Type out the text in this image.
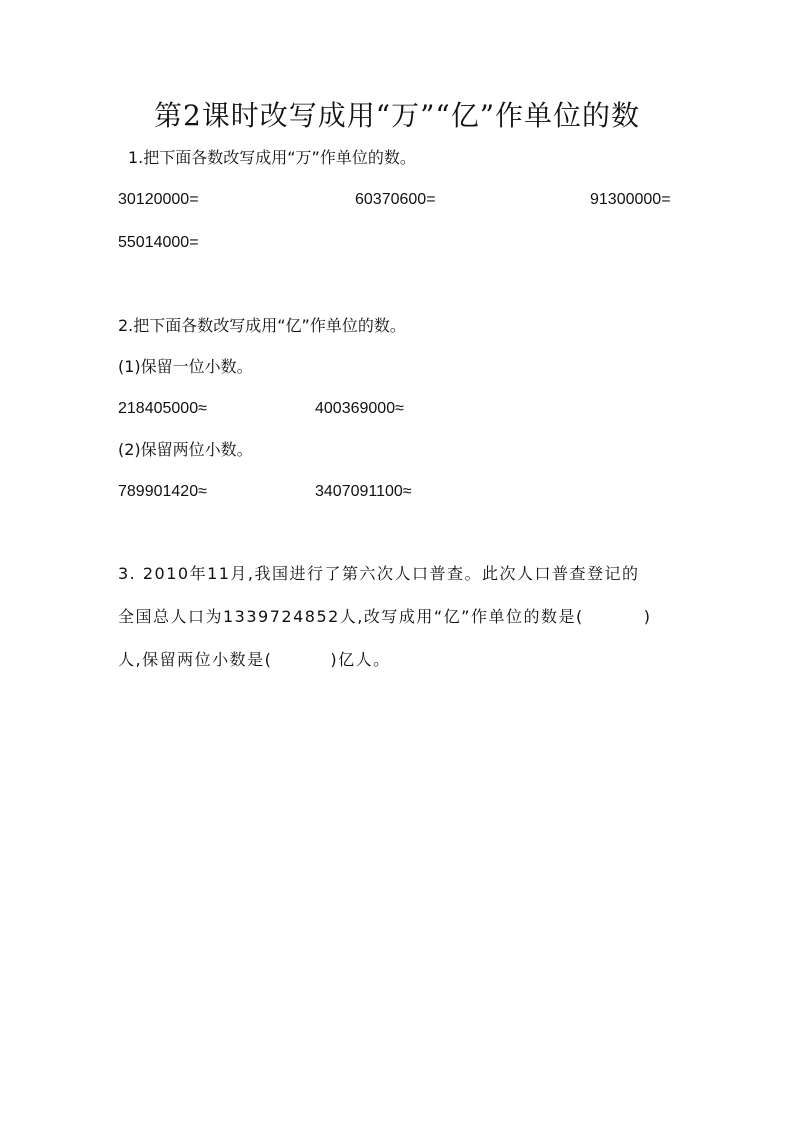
第2课时改写成用“万”“亿”作单位的数
1.把下面各数改写成用“万”作单位的数。
30120000=	60370600=	91300000=
55014000=
2.把下面各数改写成用“亿”作单位的数。
(1)保留一位小数。
218405000≈	400369000≈
(2)保留两位小数。
789901420≈	3407091100≈
3. 2010年11月,我国进行了第六次人口普查。此次人口普查登记的
全国总人口为1339724852人,改写成用“亿”作单位的数是(	)
人,保留两位小数是(	)亿人。
